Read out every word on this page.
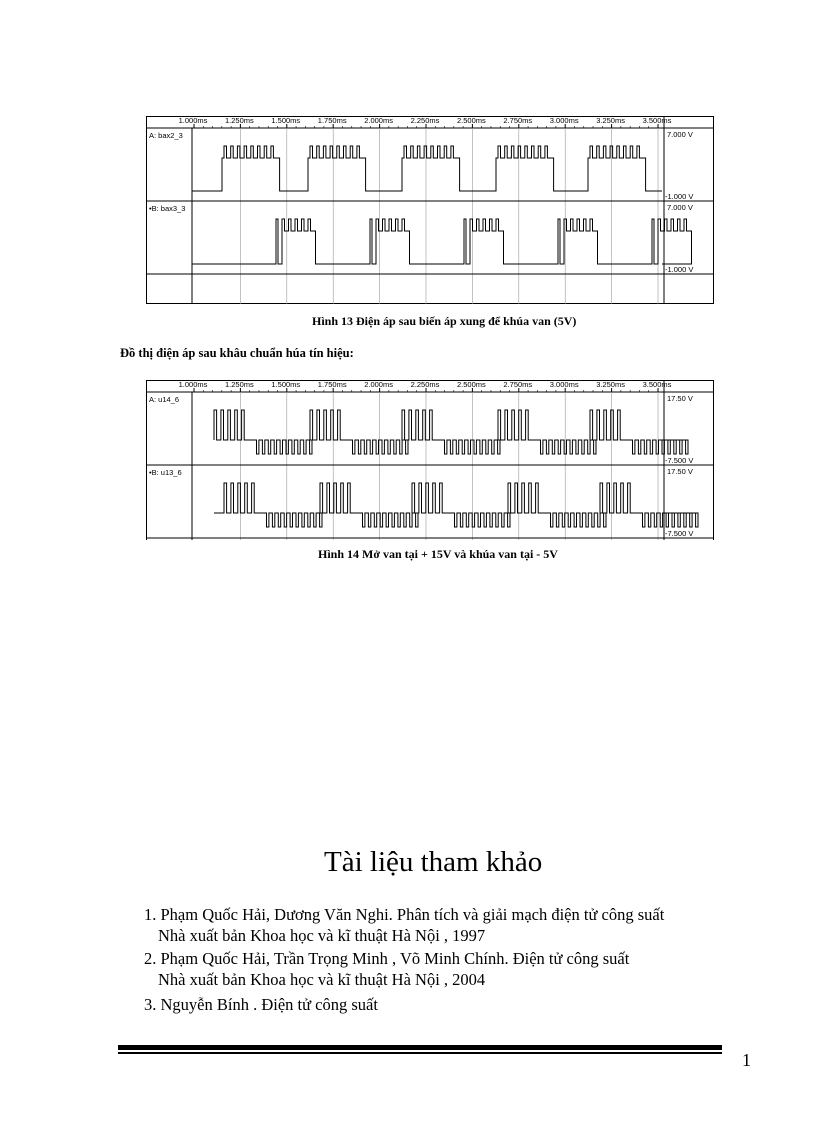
1.000ms 1.250ms 1.500ms 1.750ms 2.000ms 2.250ms 2.500ms 2.750ms 3.000ms 3.250ms 3.500ms
A: bax2_3	7.000 V
-1.000 V
•B: bax3_3	7.000 V
-1.000 V
Hình 13 Điện áp sau biến áp xung để khúa van (5V)
Đồ thị điện áp sau khâu chuẩn húa tín hiệu:
1.000ms 1.250ms 1.500ms 1.750ms 2.000ms 2.250ms 2.500ms 2.750ms 3.000ms 3.250ms 3.500ms
A: u14_6	17.50 V
-7.500 V
•B: u13_6	17.50 V
-7.500 V
Hình 14 Mở van tại + 15V và khúa van tại - 5V
Tài liệu tham khảo
1. Phạm Quốc Hải, Dương Văn Nghi. Phân tích và giải mạch điện tử công suất
Nhà xuất bản Khoa học và kĩ thuật Hà Nội , 1997
2. Phạm Quốc Hải, Trần Trọng Minh , Võ Minh Chính. Điện tử công suất
Nhà xuất bản Khoa học và kĩ thuật Hà Nội , 2004
3. Nguyễn Bính . Điện tử công suất
1
